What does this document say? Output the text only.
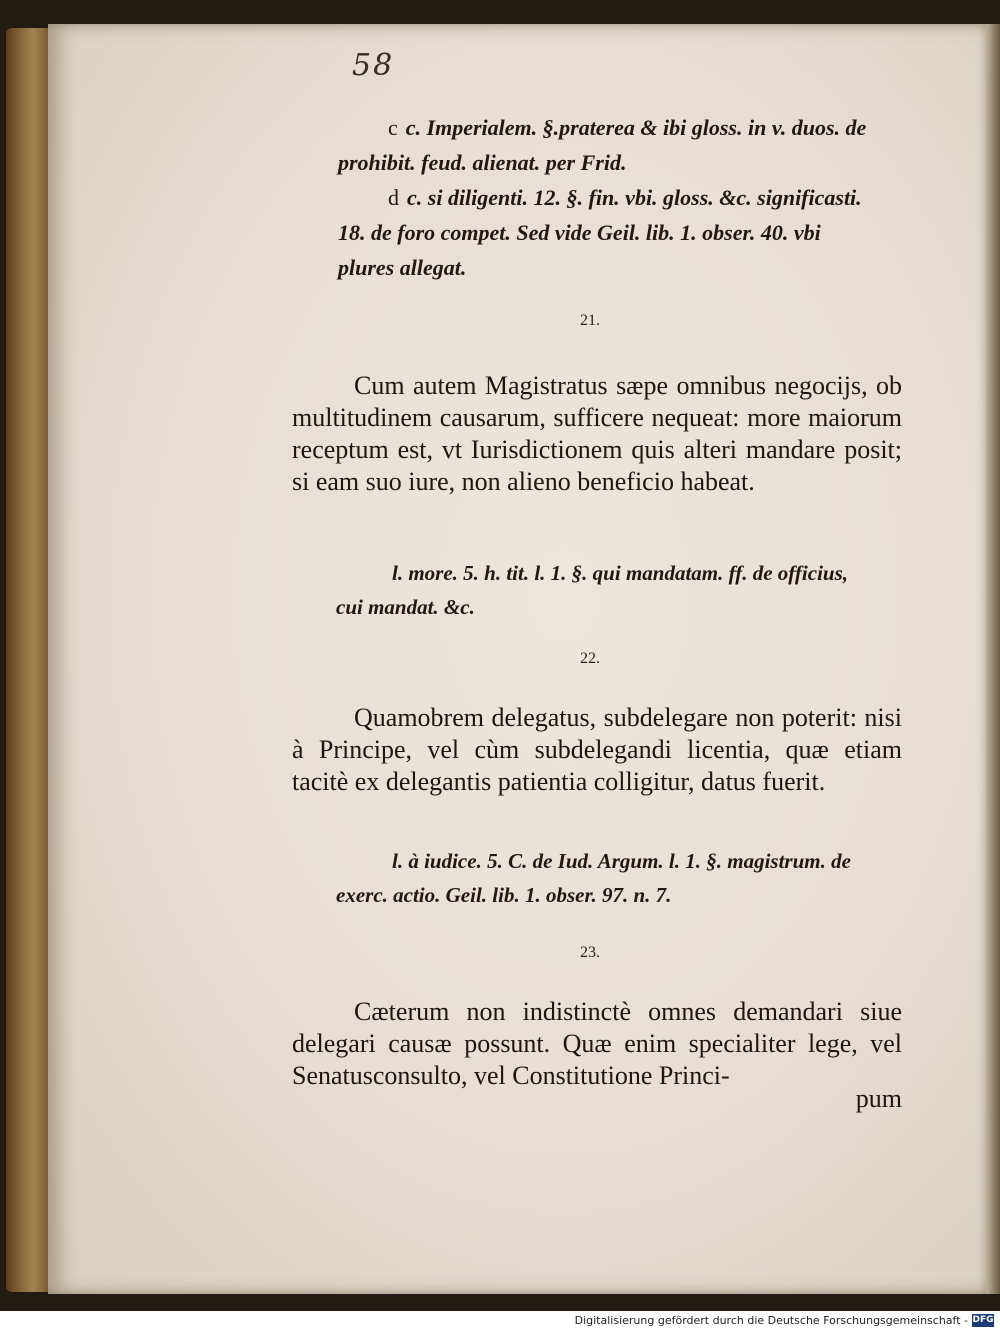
58
c c. Imperialem. §.praterea & ibi gloss. in v. duos. de prohibit. feud. alienat. per Frid.
d c. si diligenti. 12. §. fin. vbi. gloss. &c. significasti. 18. de foro compet. Sed vide Geil. lib. 1. obser. 40. vbi plures allegat.
21.
Cum autem Magistratus sæpe omnibus negocijs, ob multitudinem causarum, sufficere nequeat: more maiorum receptum est, vt Iurisdictionem quis alteri mandare posit; si eam suo iure, non alieno beneficio habeat.
l. more. 5. h. tit. l. 1. §. qui mandatam. ff. de officius, cui mandat. &c.
22.
Quamobrem delegatus, subdelegare non poterit: nisi à Principe, vel cùm subdelegandi licentia, quæ etiam tacitè ex delegantis patientia colligitur, datus fuerit.
l. à iudice. 5. C. de Iud. Argum. l. 1. §. magistrum. de exerc. actio. Geil. lib. 1. obser. 97. n. 7.
23.
Cæterum non indistinctè omnes demandari siue delegari causæ possunt. Quæ enim specialiter lege, vel Senatusconsulto, vel Constitutione Princi-
pum
Digitalisierung gefördert durch die Deutsche Forschungsgemeinschaft - DFG
